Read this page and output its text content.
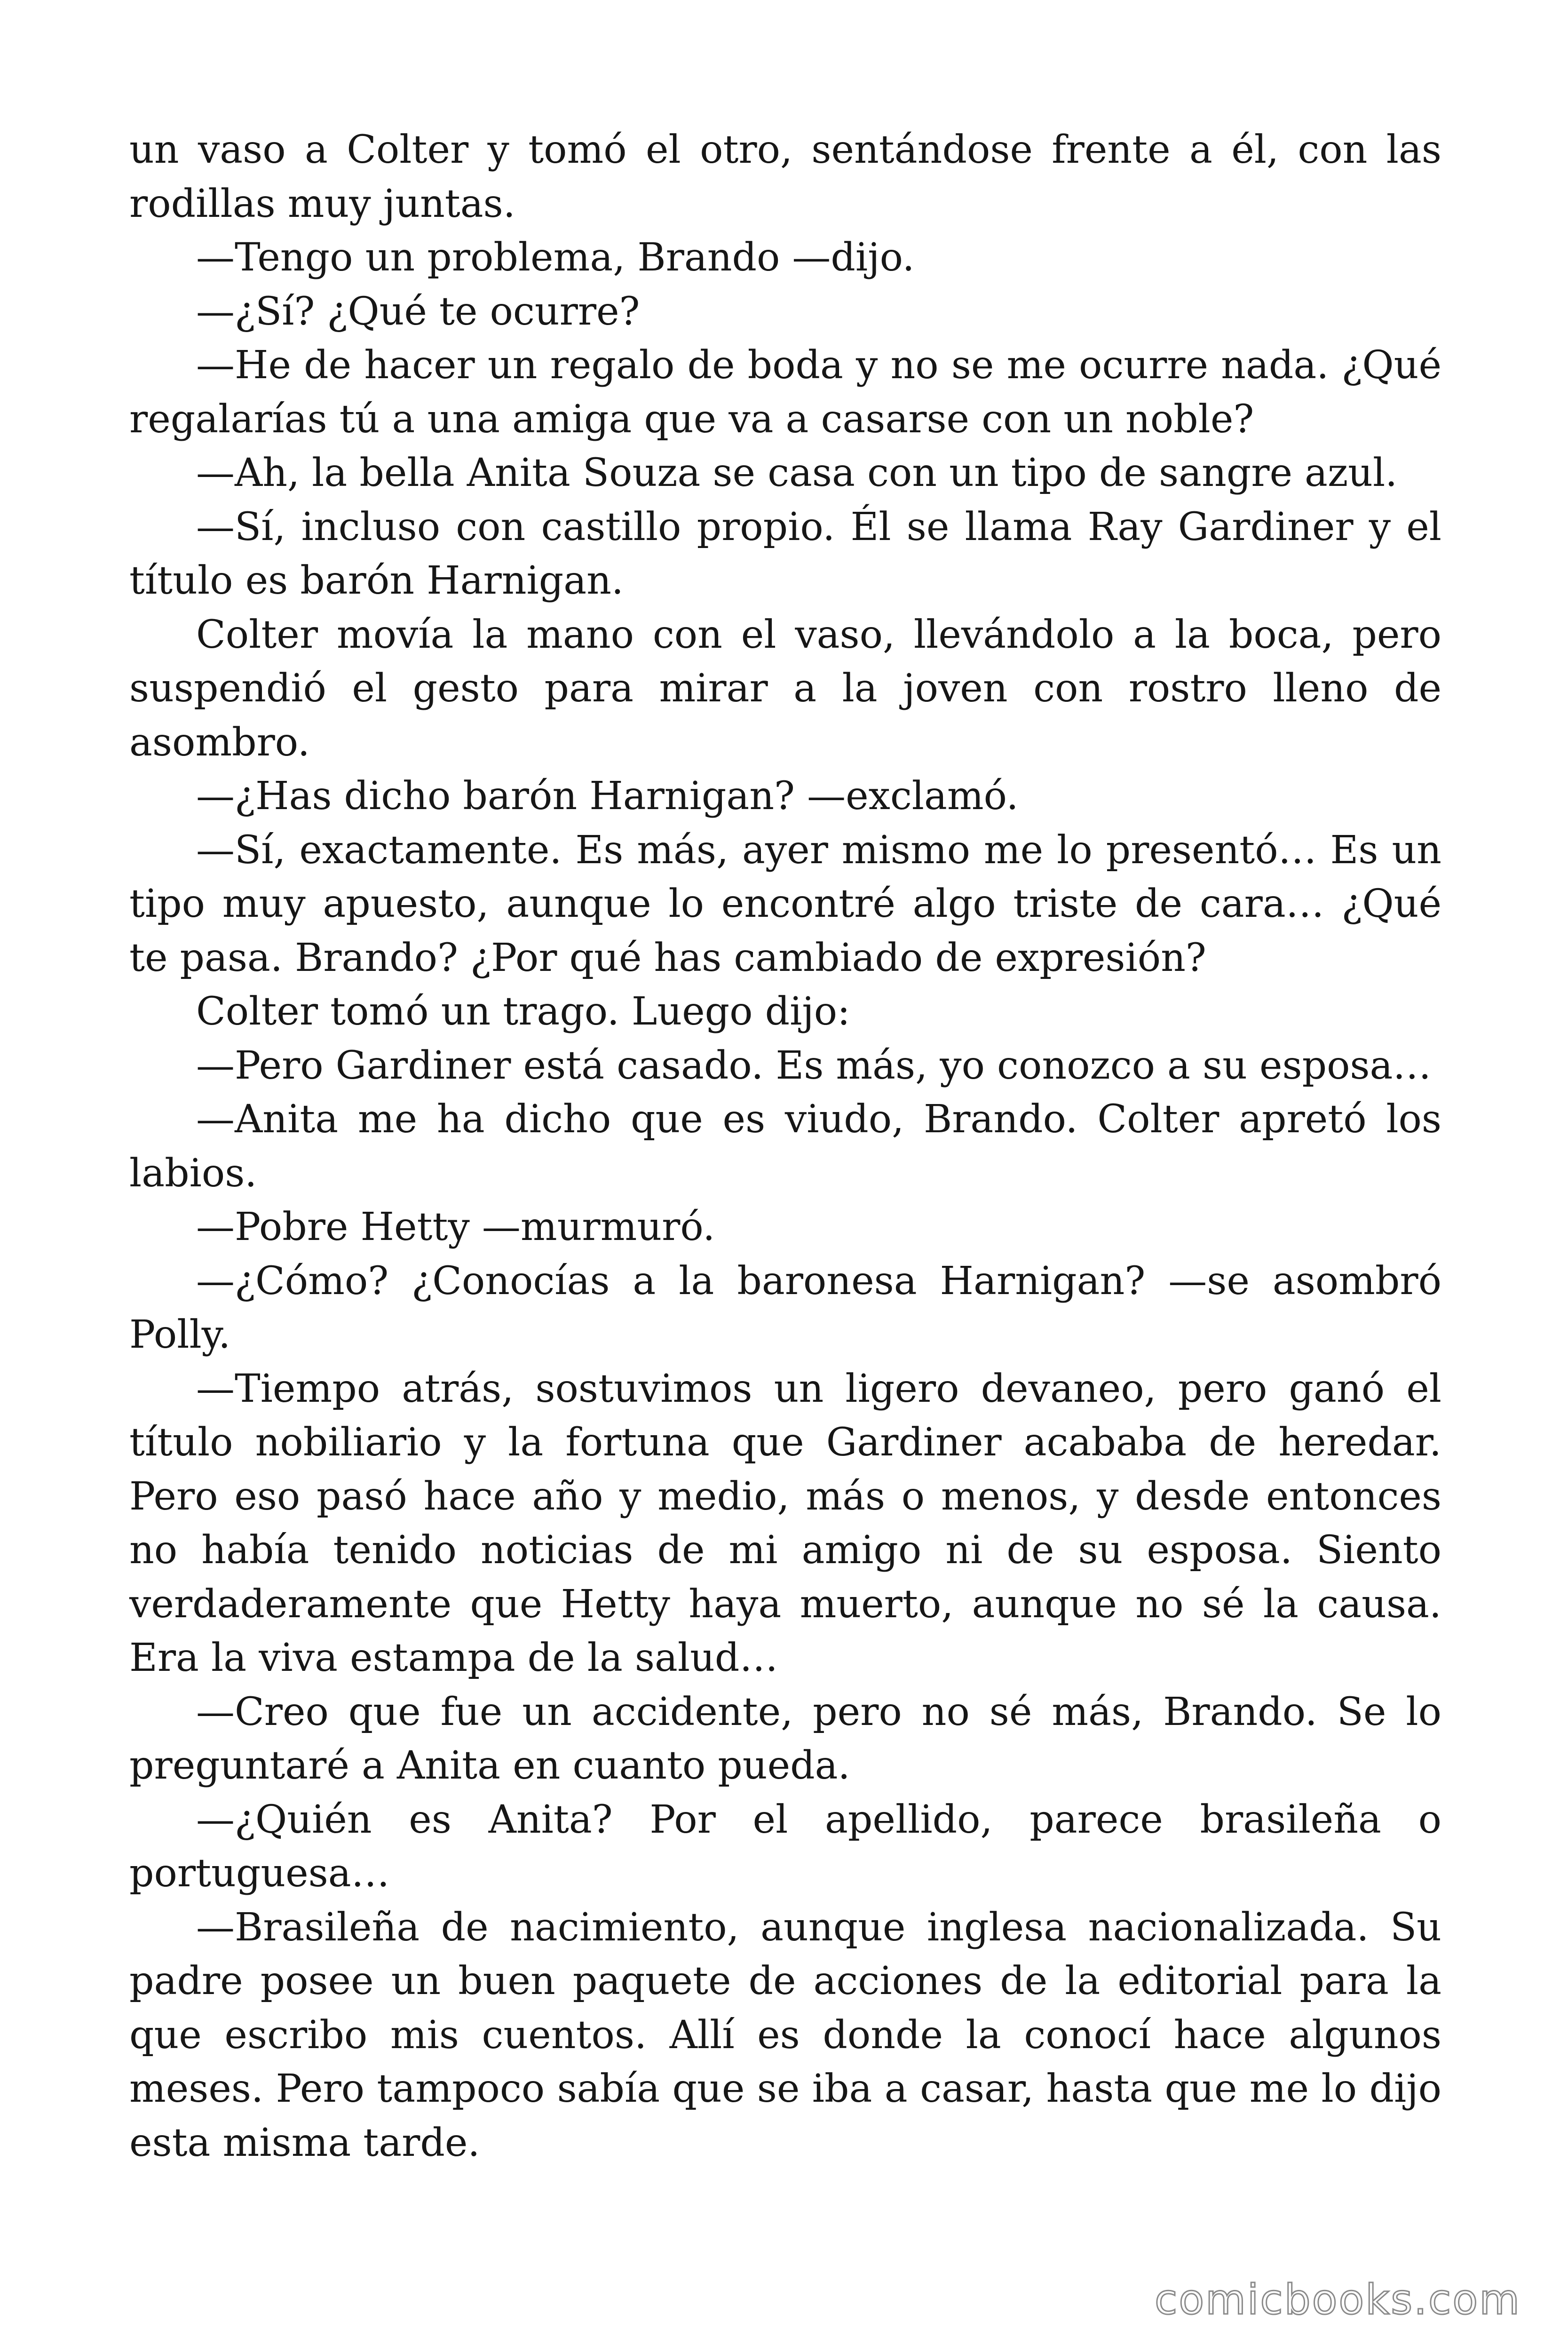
un vaso a Colter y tomó el otro, sentándose frente a él, con las rodillas muy juntas.

—Tengo un problema, Brando —dijo.

—¿Sí? ¿Qué te ocurre?

—He de hacer un regalo de boda y no se me ocurre nada. ¿Qué regalarías tú a una amiga que va a casarse con un noble?

—Ah, la bella Anita Souza se casa con un tipo de sangre azul.

—Sí, incluso con castillo propio. Él se llama Ray Gardiner y el título es barón Harnigan.

Colter movía la mano con el vaso, llevándolo a la boca, pero suspendió el gesto para mirar a la joven con rostro lleno de asombro.

—¿Has dicho barón Harnigan? —exclamó.

—Sí, exactamente. Es más, ayer mismo me lo presentó… Es un tipo muy apuesto, aunque lo encontré algo triste de cara… ¿Qué te pasa. Brando? ¿Por qué has cambiado de expresión?

Colter tomó un trago. Luego dijo:

—Pero Gardiner está casado. Es más, yo conozco a su esposa…

—Anita me ha dicho que es viudo, Brando. Colter apretó los labios.

—Pobre Hetty —murmuró.

—¿Cómo? ¿Conocías a la baronesa Harnigan? —se asombró Polly.

—Tiempo atrás, sostuvimos un ligero devaneo, pero ganó el título nobiliario y la fortuna que Gardiner acababa de heredar. Pero eso pasó hace año y medio, más o menos, y desde entonces no había tenido noticias de mi amigo ni de su esposa. Siento verdaderamente que Hetty haya muerto, aunque no sé la causa. Era la viva estampa de la salud…

—Creo que fue un accidente, pero no sé más, Brando. Se lo preguntaré a Anita en cuanto pueda.

—¿Quién es Anita? Por el apellido, parece brasileña o portuguesa…

—Brasileña de nacimiento, aunque inglesa nacionalizada. Su padre posee un buen paquete de acciones de la editorial para la que escribo mis cuentos. Allí es donde la conocí hace algunos meses. Pero tampoco sabía que se iba a casar, hasta que me lo dijo esta misma tarde.

comicbooks.com
